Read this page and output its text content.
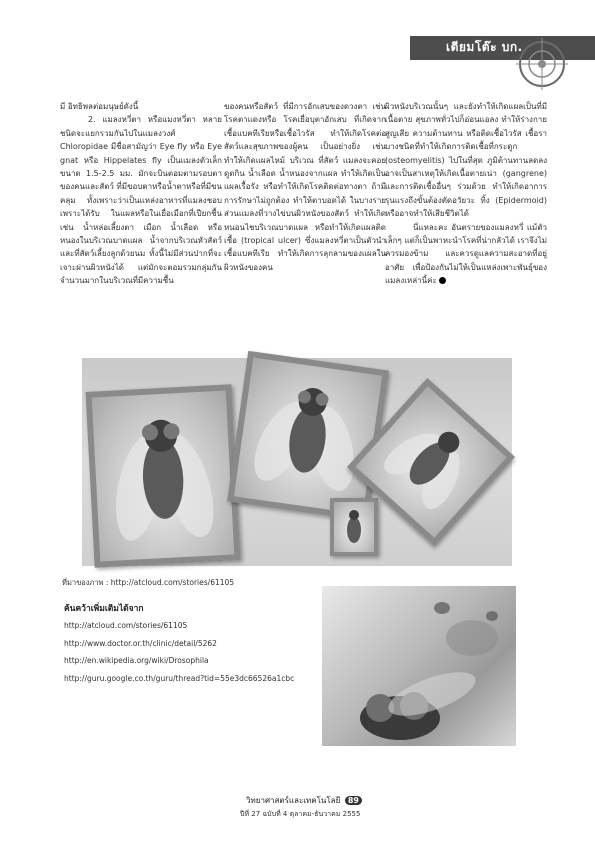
เตียมโต๊ะ บก.

มี อิทธิพลต่อมนุษย์ดังนี้

2. แมลงหวี่ตา หรือแมงหวี่ตา หลายชนิดจะแยกรวมกันไปในแมลงวงศ์ Chloropidae มีชื่อสามัญว่า Eye fly หรือ Eye gnat หรือ Hippelates fly เป็นแมลงตัวเล็ก ขนาด 1.5-2.5 มม. มักจะบินตอมตามรอบตา ของคนและสัตว์ ที่มีขอบตาหรือน้ำตาหรือที่มีขนคลุม ทั้งเพราะว่าเป็นแหล่งอาหารที่แมลงชอบ เพราะได้รับ ในแผลหรือในเยื่อเมือกที่เปียกชื้น เช่น น้ำหล่อเลี้ยงตา เมือก น้ำเลือด หรือหนองในบริเวณบาดแผล น้ำจากบริเวณหัวสัตว์ และที่สัตว์เลี้ยงลูกด้วยนม ทั้งนี้ไม่มีส่วนปากที่จะเจาะผ่านผิวหนังได้ แต่มักจะตอมรวมกลุ่มกันจำนวนมากในบริเวณที่มีความชื้น

ของคนหรือสัตว์ ที่มีการอักเสบของดวงตา เช่น โรคตาแดงหรือ โรคเยื่อบุตาอักเสบ ที่เกิดจากเชื้อแบคทีเรียหรือเชื้อไวรัส ทำให้เกิดโรคต่อสัตว์และสุขภาพของผู้คน เป็นอย่างยิ่ง เช่น ทำให้เกิดแผลไหม้ บริเวณ ที่สัตว์ แมลงจะคอยดูดกิน น้ำเลือด น้ำหนองจากแผล ทำให้เกิดเป็นแผลเรื้อรัง หรือทำให้เกิดโรคติดต่อทางตา ถ้ามีการรักษาไม่ถูกต้อง ทำให้ตาบอดได้ ในบางราย ส่วนแมลงที่วางไข่บนผิวหนังของสัตว์ ทำให้เกิดหนอนไชบริเวณบาดแผล หรือทำให้เกิดแผลติดเชื้อ (tropical ulcer) ซึ่งแมลงหวี่ตาเป็นตัวนำเชื้อแบคทีเรีย ทำให้เกิดการลุกลามของแผลในผิวหนังของคน

ผิวหนังบริเวณนั้นๆ และยังทำให้เกิดแผลเป็นที่มีเนื้อตาย สุขภาพทั่วไปก็อ่อนแอลง ทำให้ร่างกายสูญเสีย ความต้านทาน หรือติดเชื้อไวรัส เชื้อราบางชนิดที่ทำให้เกิดการติดเชื้อที่กระดูก (osteomyelitis) ไปในที่สุด ภูมิต้านทานลดลง อาจเป็นสาเหตุให้เกิดเนื้อตายเน่า (gangrene) และการติดเชื้ออื่นๆ ร่วมด้วย ทำให้เกิดอาการรุนแรงถึงขั้นต้องตัดอวัยวะ ทิ้ง (Epidermoid) หรืออาจทำให้เสียชีวิตได้

นี่แหละคะ อันตรายของแมลงหวี่ แม้ตัวเล็กๆ แต่ก็เป็นพาหะนำโรคที่น่ากลัวได้ เราจึงไม่ควรมองข้าม และควรดูแลความสะอาดที่อยู่อาศัย เพื่อป้องกันไม่ให้เป็นแหล่งเพาะพันธุ์ของแมลงเหล่านี้ค่ะ

ที่มาของภาพ : http://atcloud.com/stories/61105
ค้นคว้าเพิ่มเติมได้จาก
http://atcloud.com/stories/61105
http://www.doctor.or.th/clinic/detail/5262
http://en.wikipedia.org/wiki/Drosophila
http://guru.google.co.th/guru/thread?tid=55e3dc66526a1cbc
วิทยาศาสตร์และเทคโนโลยี 89
ปีที่ 27 ฉบับที่ 4 ตุลาคม-ธันวาคม 2555
